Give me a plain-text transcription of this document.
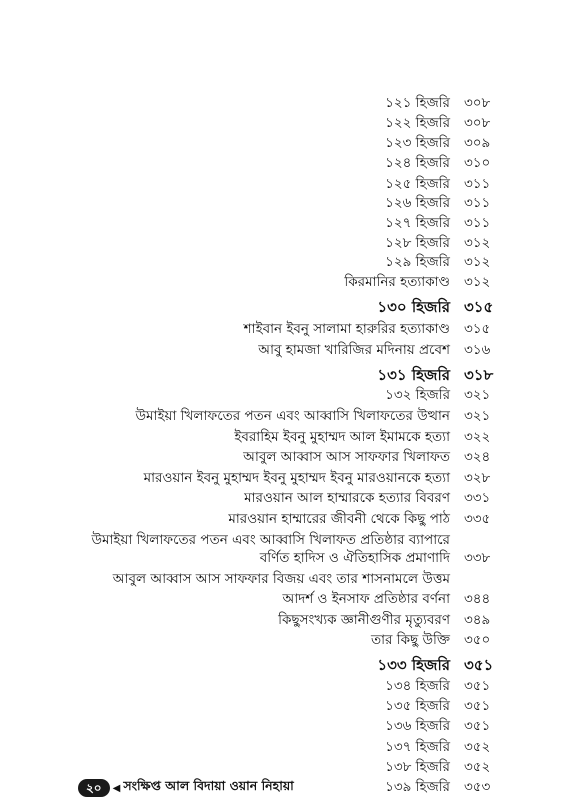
১২১ হিজরি ৩০৮
১২২ হিজরি ৩০৮
১২৩ হিজরি ৩০৯
১২৪ হিজরি ৩১০
১২৫ হিজরি ৩১১
১২৬ হিজরি ৩১১
১২৭ হিজরি ৩১১
১২৮ হিজরি ৩১২
১২৯ হিজরি ৩১২
কিরমানির হত্যাকাণ্ড ৩১২
১৩০ হিজরি ৩১৫
শাইবান ইবনু সালামা হারুরির হত্যাকাণ্ড ৩১৫
আবু হামজা খারিজির মদিনায় প্রবেশ ৩১৬
১৩১ হিজরি ৩১৮
১৩২ হিজরি ৩২১
উমাইয়া খিলাফতের পতন এবং আব্বাসি খিলাফতের উত্থান ৩২১
ইবরাহিম ইবনু মুহাম্মদ আল ইমামকে হত্যা ৩২২
আবুল আব্বাস আস সাফফার খিলাফত ৩২৪
মারওয়ান ইবনু মুহাম্মদ ইবনু মুহাম্মদ ইবনু মারওয়ানকে হত্যা ৩২৮
মারওয়ান আল হাম্মারকে হত্যার বিবরণ ৩৩১
মারওয়ান হাম্মারের জীবনী থেকে কিছু পাঠ ৩৩৫
উমাইয়া খিলাফতের পতন এবং আব্বাসি খিলাফত প্রতিষ্ঠার ব্যাপারে
বর্ণিত হাদিস ও ঐতিহাসিক প্রমাণাদি ৩৩৮
আবুল আব্বাস আস সাফফার বিজয় এবং তার শাসনামলে উত্তম
আদর্শ ও ইনসাফ প্রতিষ্ঠার বর্ণনা ৩৪৪
কিছুসংখ্যক জ্ঞানীগুণীর মৃত্যুবরণ ৩৪৯
তার কিছু উক্তি ৩৫০
১৩৩ হিজরি ৩৫১
১৩৪ হিজরি ৩৫১
১৩৫ হিজরি ৩৫১
১৩৬ হিজরি ৩৫১
১৩৭ হিজরি ৩৫২
১৩৮ হিজরি ৩৫২
১৩৯ হিজরি ৩৫৩
২০	◀ সংক্ষিপ্ত আল বিদায়া ওয়ান নিহায়া
